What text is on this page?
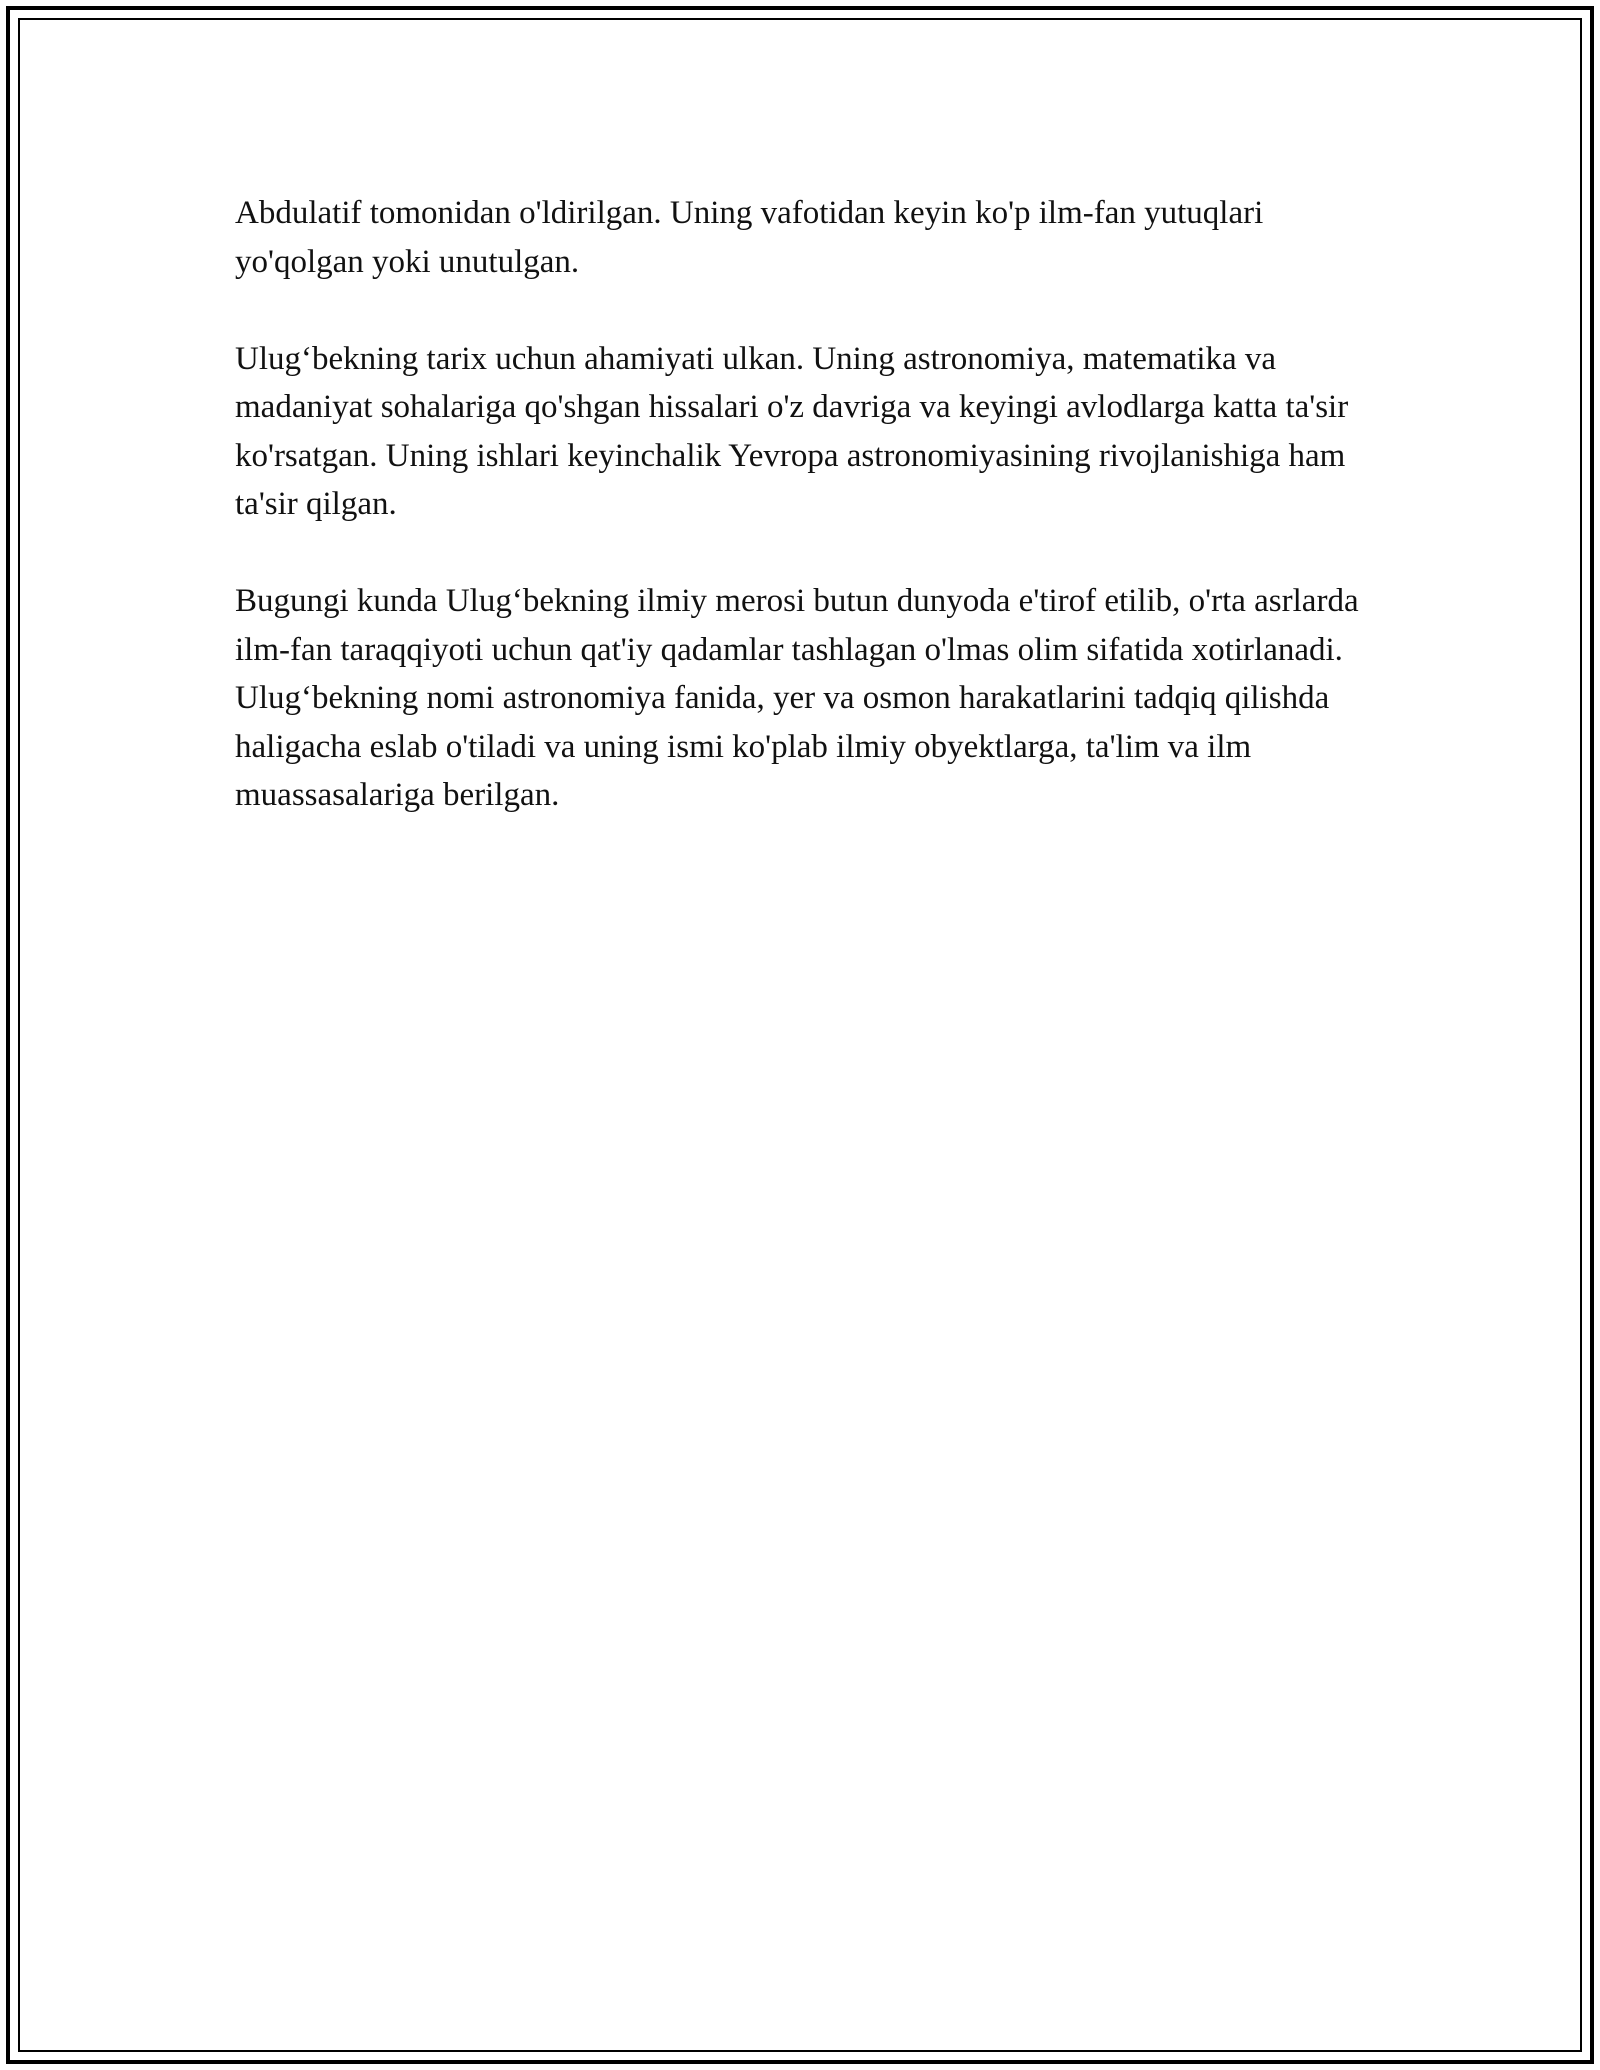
Abdulatif tomonidan o'ldirilgan. Uning vafotidan keyin ko'p ilm-fan yutuqlari yo'qolgan yoki unutulgan.

Ulug‘bekning tarix uchun ahamiyati ulkan. Uning astronomiya, matematika va madaniyat sohalariga qo'shgan hissalari o'z davriga va keyingi avlodlarga katta ta'sir ko'rsatgan. Uning ishlari keyinchalik Yevropa astronomiyasining rivojlanishiga ham ta'sir qilgan.

Bugungi kunda Ulug‘bekning ilmiy merosi butun dunyoda e'tirof etilib, o'rta asrlarda ilm-fan taraqqiyoti uchun qat'iy qadamlar tashlagan o'lmas olim sifatida xotirlanadi. Ulug‘bekning nomi astronomiya fanida, yer va osmon harakatlarini tadqiq qilishda haligacha eslab o'tiladi va uning ismi ko'plab ilmiy obyektlarga, ta'lim va ilm muassasalariga berilgan.
